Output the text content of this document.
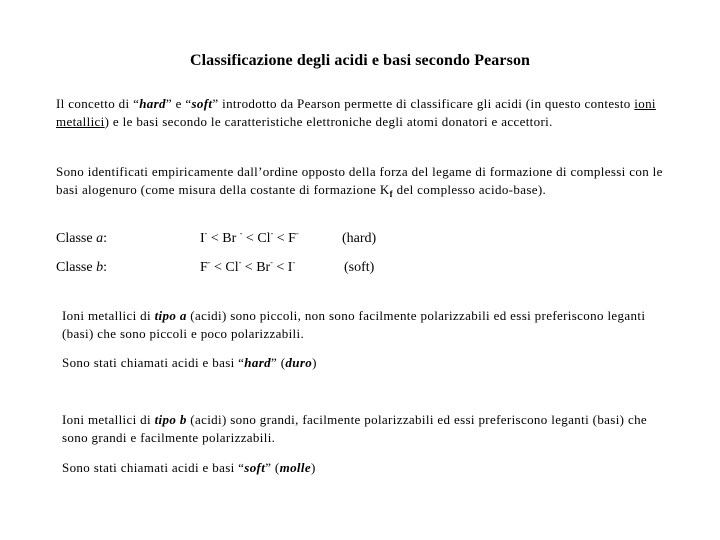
Classificazione degli acidi e basi secondo Pearson

Il concetto di “hard” e “soft” introdotto da Pearson permette di classificare gli acidi (in questo contesto ioni metallici) e le basi secondo le caratteristiche elettroniche degli atomi donatori e accettori.

Sono identificati empiricamente dall’ordine opposto della forza del legame di formazione di complessi con le basi alogenuro (come misura della costante di formazione $K_f$ del complesso acido-base).

Classe a:	I- < Br - < Cl- < F-	(hard)
Classe b:	F- < Cl- < Br- < I-	(soft)

Ioni metallici di tipo a (acidi) sono piccoli, non sono facilmente polarizzabili ed essi preferiscono leganti (basi) che sono piccoli e poco polarizzabili.

Sono stati chiamati acidi e basi “hard” (duro)

Ioni metallici di tipo b (acidi) sono grandi, facilmente polarizzabili ed essi preferiscono leganti (basi) che sono grandi e facilmente polarizzabili.

Sono stati chiamati acidi e basi “soft” (molle)
